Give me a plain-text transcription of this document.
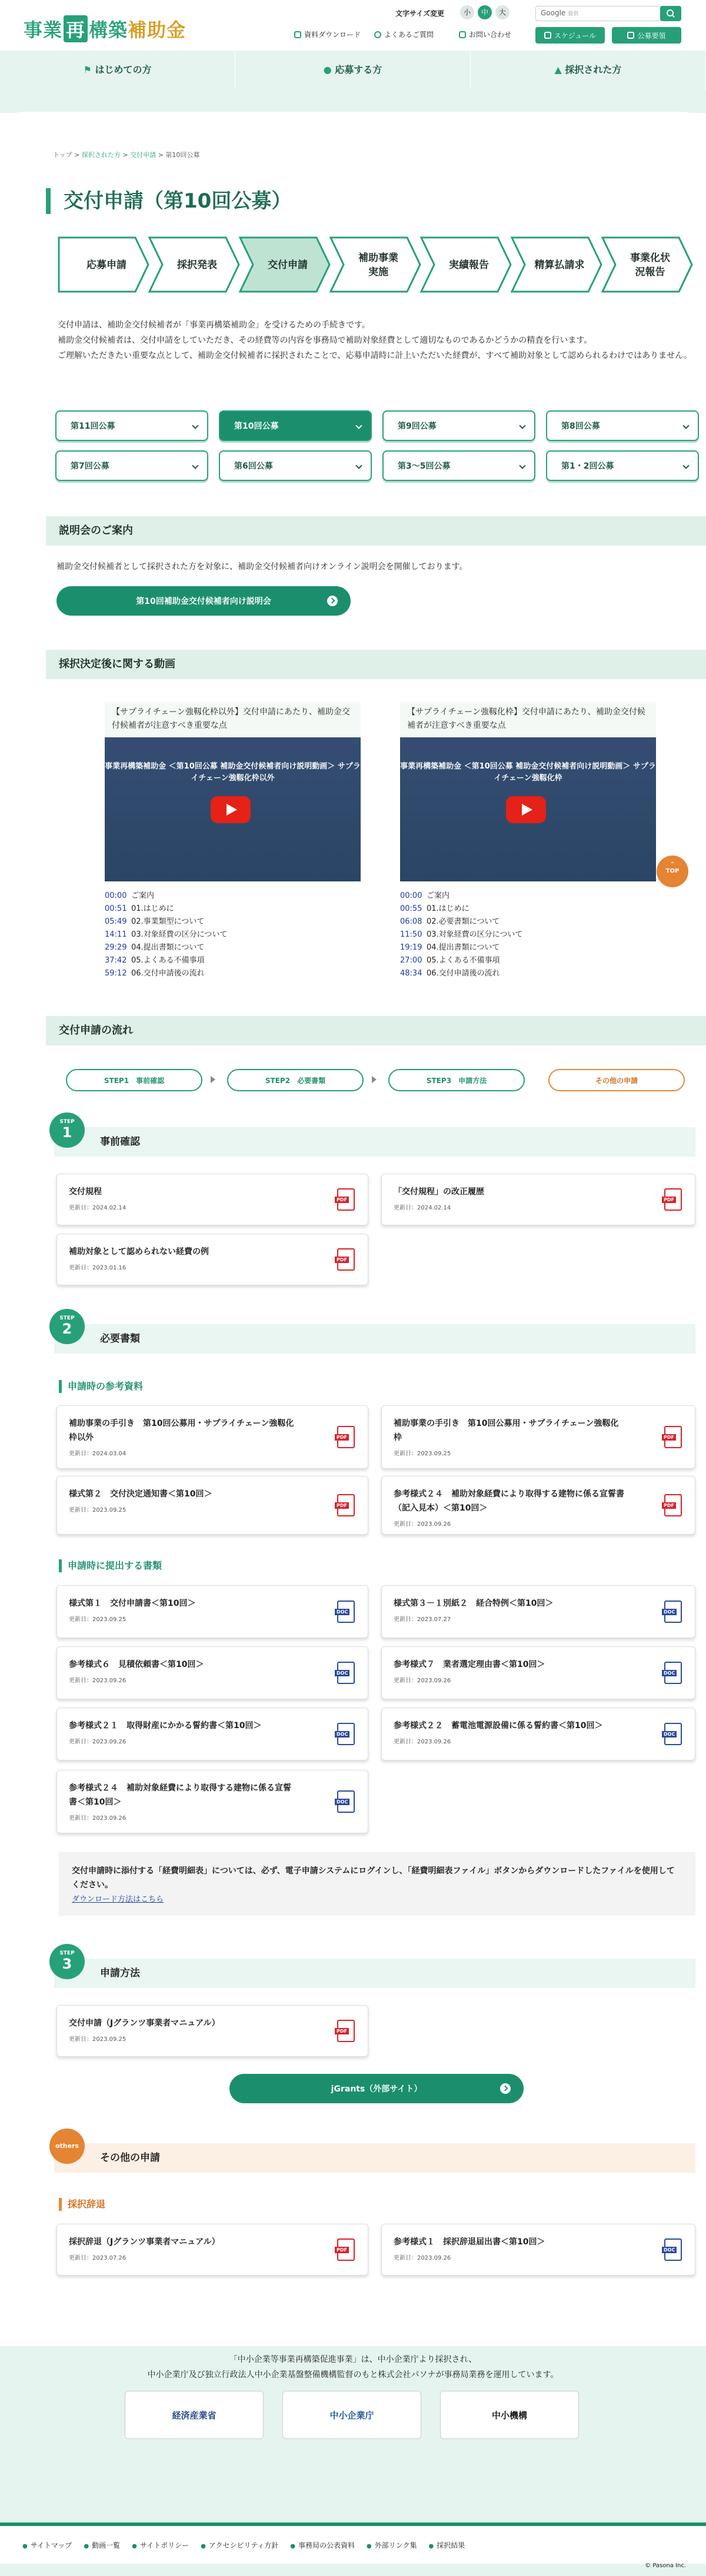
事業 再 構築補助金
文字サイズ変更	小	中	大	Google 提供
資料ダウンロード	よくあるご質問	お問い合わせ	スケジュール	公募要領
⚑ はじめての方	● 応募する方	▲ 採択された方
トップ > 採択された方 > 交付申請 > 第10回公募
交付申請（第10回公募）
応募申請	採択発表	交付申請
補助事業
実施
実績報告	精算払請求
事業化状
況報告

交付申請は、補助金交付候補者が「事業再構築補助金」を受けるための手続きです。

補助金交付候補者は、交付申請をしていただき、その経費等の内容を事務局で補助対象経費として適切なものであるかどうかの精査を行います。

ご理解いただきたい重要な点として、補助金交付候補者に採択されたことで、応募申請時に計上いただいた経費が、すべて補助対象として認められるわけではありません。

第11回公募	第10回公募	第9回公募	第8回公募
第7回公募	第6回公募	第3〜5回公募	第1・2回公募
説明会のご案内
補助金交付候補者として採択された方を対象に、補助金交付候補者向けオンライン説明会を開催しております。
第10回補助金交付候補者向け説明会
採択決定後に関する動画
【サプライチェーン強靱化枠以外】交付申請にあたり、補助金交付候補者が注意すべき重要な点
事業再構築補助金 ＜第10回公募 補助金交付候補者向け説明動画＞ サプライチェーン強靱化枠以外
00:00 ご案内
00:51 01.はじめに
05:49 02.事業類型について
14:11 03.対象経費の区分について
29:29 04.提出書類について
37:42 05.よくある不備事項
59:12 06.交付申請後の流れ
【サプライチェーン強靱化枠】交付申請にあたり、補助金交付候補者が注意すべき重要な点
事業再構築補助金 ＜第10回公募 補助金交付候補者向け説明動画＞ サプライチェーン強靱化枠
00:00 ご案内
00:55 01.はじめに
06:08 02.必要書類について
11:50 03.対象経費の区分について
19:19 04.提出書類について
27:00 05.よくある不備事項
48:34 06.交付申請後の流れ
⌃
TOP
交付申請の流れ
STEP1　事前確認	STEP2　必要書類	STEP3　申請方法	その他の申請
事前確認
STEP
1
交付規程
更新日：2024.02.14
PDF
「交付規程」の改正履歴
更新日：2024.02.14
PDF
補助対象として認められない経費の例
更新日：2023.01.16
PDF
必要書類
STEP
2
申請時の参考資料
補助事業の手引き　第10回公募用・サプライチェーン強靱化枠以外
更新日：2024.03.04
PDF
補助事業の手引き　第10回公募用・サプライチェーン強靱化枠
更新日：2023.09.25
PDF
様式第２　交付決定通知書＜第10回＞
更新日：2023.09.25
PDF
参考様式２４　補助対象経費により取得する建物に係る宣誓書（記入見本）＜第10回＞
更新日：2023.09.26
PDF
申請時に提出する書類
様式第１　交付申請書＜第10回＞
更新日：2023.09.25
DOC
様式第３－１別紙２　経合特例＜第10回＞
更新日：2023.07.27
DOC
参考様式６　見積依頼書＜第10回＞
更新日：2023.09.26
DOC
参考様式７　業者選定理由書＜第10回＞
更新日：2023.09.26
DOC
参考様式２１　取得財産にかかる誓約書＜第10回＞
更新日：2023.09.26
DOC
参考様式２２　蓄電池電源設備に係る誓約書＜第10回＞
更新日：2023.09.26
DOC
参考様式２４　補助対象経費により取得する建物に係る宣誓書＜第10回＞
更新日：2023.09.26
DOC
交付申請時に添付する「経費明細表」については、必ず、電子申請システムにログインし、「経費明細表ファイル」ボタンからダウンロードしたファイルを使用してください。
ダウンロード方法はこちら
申請方法
STEP
3
交付申請（Jグランツ事業者マニュアル）
更新日：2023.09.25
PDF
jGrants（外部サイト）
その他の申請
others
採択辞退
採択辞退（Jグランツ事業者マニュアル）
更新日：2023.07.26
PDF
参考様式１　採択辞退届出書＜第10回＞
更新日：2023.09.26
DOC
「中小企業等事業再構築促進事業」は、中小企業庁より採択され、
中小企業庁及び独立行政法人中小企業基盤整備機構監督のもと株式会社パソナが事務局業務を運用しています。
経済産業省	中小企業庁	中小機構
● サイトマップ	● 動画一覧	● サイトポリシー	● アクセシビリティ方針	● 事務局の公表資料	● 外部リンク集	● 採択結果
© Pasona Inc.
